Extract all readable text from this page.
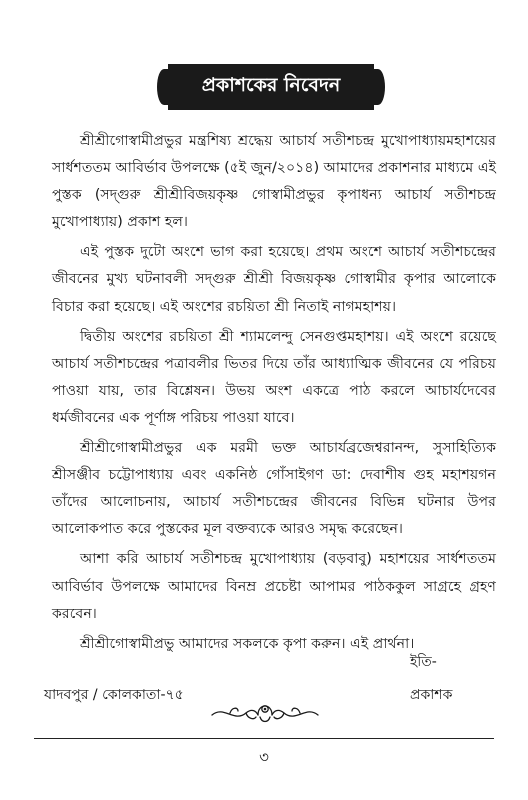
প্রকাশকের নিবেদন

শ্রীশ্রীগোস্বামীপ্রভুর মন্ত্রশিষ্য শ্রদ্ধেয় আচার্য সতীশচন্দ্র মুখোপাধ্যায়মহাশয়ের সার্ধশততম আবির্ভাব উপলক্ষে (৫ই জুন/২০১৪) আমাদের প্রকাশনার মাধ্যমে এই পুস্তক (সদ্গুরু শ্রীশ্রীবিজয়কৃষ্ণ গোস্বামীপ্রভুর কৃপাধন্য আচার্য সতীশচন্দ্র মুখোপাধ্যায়) প্রকাশ হল।

এই পুস্তক দুটো অংশে ভাগ করা হয়েছে। প্রথম অংশে আচার্য সতীশচন্দ্রের জীবনের মুখ্য ঘটনাবলী সদ্গুরু শ্রীশ্রী বিজয়কৃষ্ণ গোস্বামীর কৃপার আলোকে বিচার করা হয়েছে। এই অংশের রচয়িতা শ্রী নিতাই নাগমহাশয়।

দ্বিতীয় অংশের রচয়িতা শ্রী শ্যামলেন্দু সেনগুপ্তমহাশয়। এই অংশে রয়েছে আচার্য সতীশচন্দ্রের পত্রাবলীর ভিতর দিয়ে তাঁর আধ্যাত্মিক জীবনের যে পরিচয় পাওয়া যায়, তার বিশ্লেষন। উভয় অংশ একত্রে পাঠ করলে আচার্যদেবের ধর্মজীবনের এক পূর্ণাঙ্গ পরিচয় পাওয়া যাবে।

শ্রীশ্রীগোস্বামীপ্রভুর এক মরমী ভক্ত আচার্যব্রজেশ্বরানন্দ, সুসাহিত্যিক শ্রীসঞ্জীব চট্টোপাধ্যায় এবং একনিষ্ঠ গোঁসাইগণ ডা: দেবাশীষ গুহ মহাশয়গন তাঁদের আলোচনায়, আচার্য সতীশচন্দ্রের জীবনের বিভিন্ন ঘটনার উপর আলোকপাত করে পুস্তকের মূল বক্তব্যকে আরও সমৃদ্ধ করেছেন।

আশা করি আচার্য সতীশচন্দ্র মুখোপাধ্যায় (বড়বাবু) মহাশয়ের সার্ধশততম আবির্ভাব উপলক্ষে আমাদের বিনম্র প্রচেষ্টা আপামর পাঠককুল সাগ্রহে গ্রহণ করবেন।

শ্রীশ্রীগোস্বামীপ্রভু আমাদের সকলকে কৃপা করুন। এই প্রার্থনা।

ইতি-
যাদবপুর / কোলকাতা-৭৫	প্রকাশক
৩
